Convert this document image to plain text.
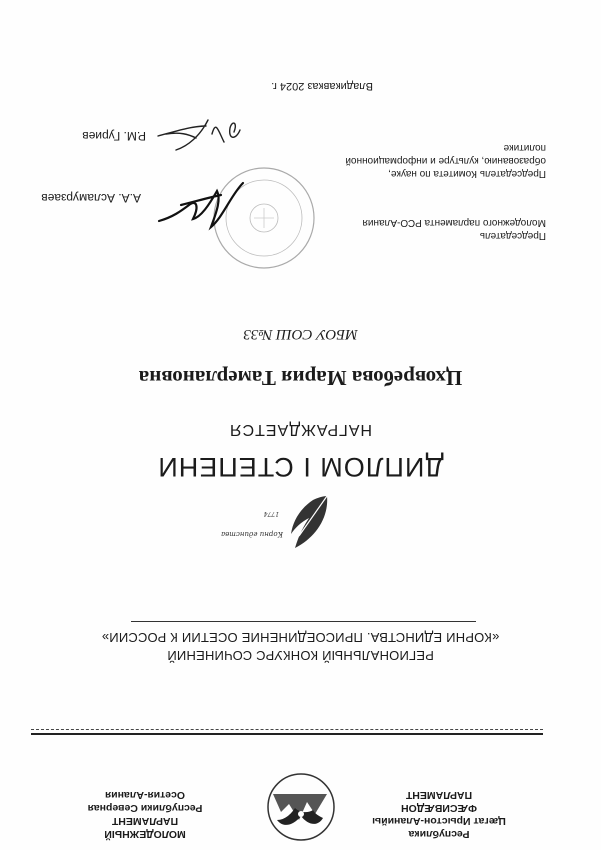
Республика
Цæгат Ирыстон-Аланийы
ФÆСИВÆДОН
ПАРЛАМЕНТ
МОЛОДЕЖНЫЙ
ПАРЛАМЕНТ
Республики Северная
Осетия-Алания
РЕГИОНАЛЬНЫЙ КОНКУРС СОЧИНЕНИЙ
«КОРНИ ЕДИНСТВА. ПРИСОЕДИНЕНИЕ ОСЕТИИ К РОССИИ»
Корни единства
1774
ДИПЛОМ I СТЕПЕНИ
НАГРАЖДАЕТСЯ
Цховребова Мария Тамерлановна
МБОУ СОШ №33
Председатель
Молодежного парламента РСО-Алания
А.А. Асламурзаев
Председатель Комитета по науке,
образованию, культуре и информационной политике
Р.М. Гуриев
Владикавказ 2024 г.
